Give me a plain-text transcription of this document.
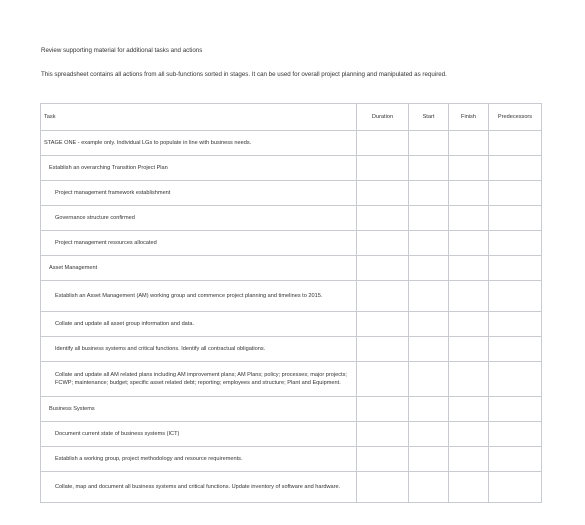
Review supporting material for additional tasks and actions
This spreadsheet contains all actions from all sub-functions sorted in stages. It can be used for overall project planning and manipulated as required.
Task	Duration	Start	Finish	Predecessors
STAGE ONE - example only. Individual LGs to populate in line with business needs.				
Establish an overarching Transition Project Plan				
Project management framework establishment				
Governance structure confirmed				
Project management resources allocated				
Asset Management				
Establish an Asset Management (AM) working group and commence project planning and timelines to 2015.				
Collate and update all asset group information and data.				
Identify all business systems and critical functions. Identify all contractual obligations.				
Collate and update all AM related plans including AM improvement plans; AM Plans; policy; processes; major projects; FCWP; maintenance; budget; specific asset related debt; reporting; employees and structure; Plant and Equipment.				
Business Systems				
Document current state of business systems (ICT)				
Establish a working group, project methodology and resource requirements.				
Collate, map and document all business systems and critical functions. Update inventory of software and hardware.				
